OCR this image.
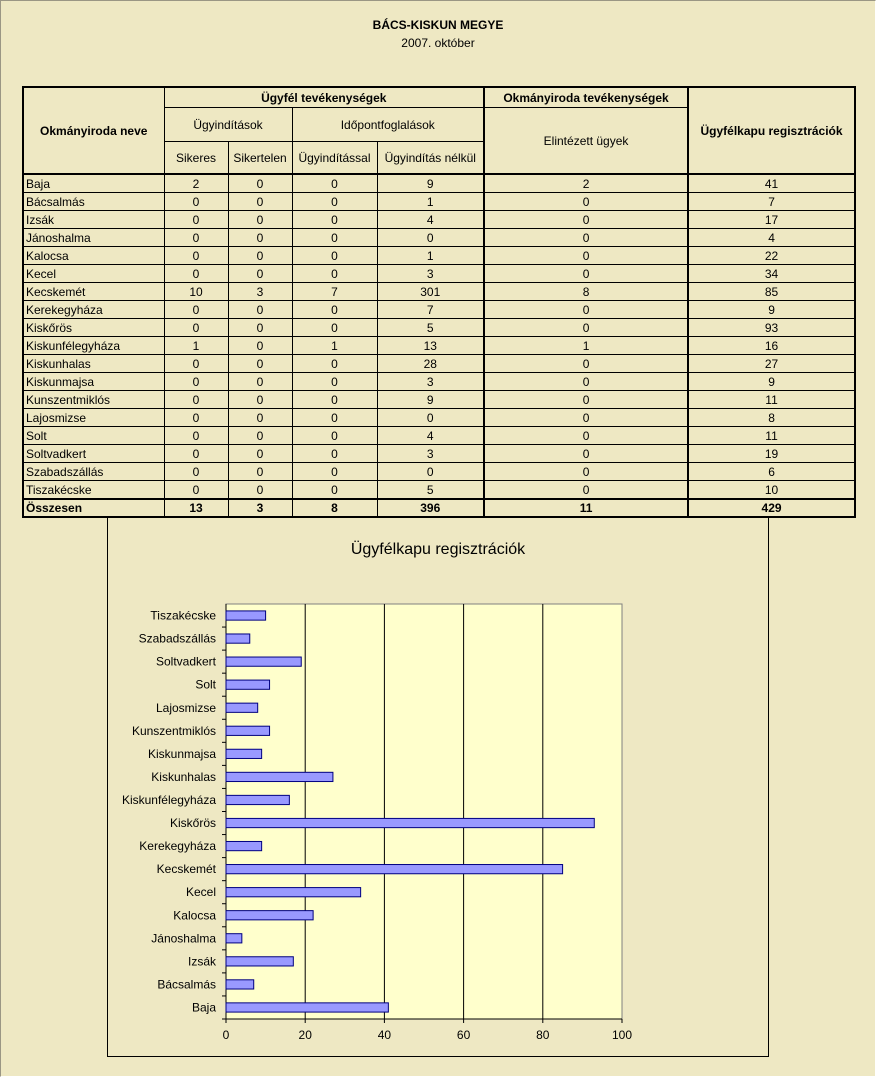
BÁCS-KISKUN MEGYE
2007. október
Okmányiroda neve	Ügyfél tevékenységek				Okmányiroda tevékenységek	Ügyfélkapu regisztrációk
	Ügyindítások		Időpontfoglalások		Elintézett ügyek	
	Sikeres	Sikertelen	Ügyindítással	Ügyindítás nélkül		
Baja	2	0	0	9	2	41
Bácsalmás	0	0	0	1	0	7
Izsák	0	0	0	4	0	17
Jánoshalma	0	0	0	0	0	4
Kalocsa	0	0	0	1	0	22
Kecel	0	0	0	3	0	34
Kecskemét	10	3	7	301	8	85
Kerekegyháza	0	0	0	7	0	9
Kiskőrös	0	0	0	5	0	93
Kiskunfélegyháza	1	0	1	13	1	16
Kiskunhalas	0	0	0	28	0	27
Kiskunmajsa	0	0	0	3	0	9
Kunszentmiklós	0	0	0	9	0	11
Lajosmizse	0	0	0	0	0	8
Solt	0	0	0	4	0	11
Soltvadkert	0	0	0	3	0	19
Szabadszállás	0	0	0	0	0	6
Tiszakécske	0	0	0	5	0	10
Összesen	13	3	8	396	11	429
Ügyfélkapu regisztrációk
0	20	40	60	80	100
Baja
Bácsalmás
Izsák
Jánoshalma
Kalocsa
Kecel
Kecskemét
Kerekegyháza
Kiskőrös
Kiskunfélegyháza
Kiskunhalas
Kiskunmajsa
Kunszentmiklós
Lajosmizse
Solt
Soltvadkert
Szabadszállás
Tiszakécske
